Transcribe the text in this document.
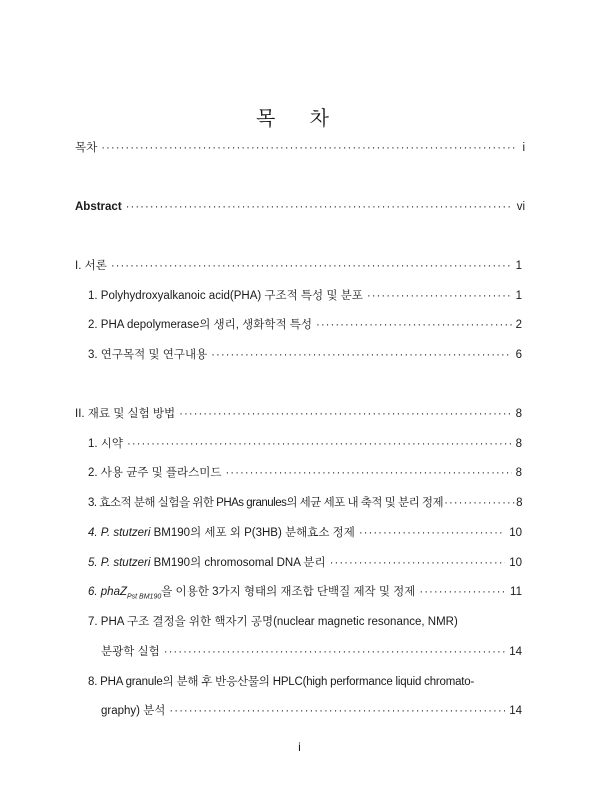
목 차
목차 ·····	i
Abstract ·····	vi
I. 서론 ·····	1
1. Polyhydroxyalkanoic acid(PHA) 구조적 특성 및 분포 ·····	1
2. PHA depolymerase의 생리, 생화학적 특성 ·····	2
3. 연구목적 및 연구내용 ·····	6
II. 재료 및 실험 방법 ·····	8
1. 시약 ·····	8
2. 사용 균주 및 플라스미드 ·····	8
3. 효소적 분해 실험을 위한 PHAs granules의 세균 세포 내 축적 및 분리 정제 ·····	8
4. P. stutzeri BM190의 세포 외 P(3HB) 분해효소 정제 ·····	10
5. P. stutzeri BM190의 chromosomal DNA 분리 ·····	10
6. phaZ$_{Pst BM190}$을 이용한 3가지 형태의 재조합 단백질 제작 및 정제 ·····	11
7. PHA 구조 결정을 위한 핵자기 공명(nuclear magnetic resonance, NMR)
분광학 실험 ·····	14
8. PHA granule의 분해 후 반응산물의 HPLC(high performance liquid chromato-
graphy) 분석 ·····	14
i
